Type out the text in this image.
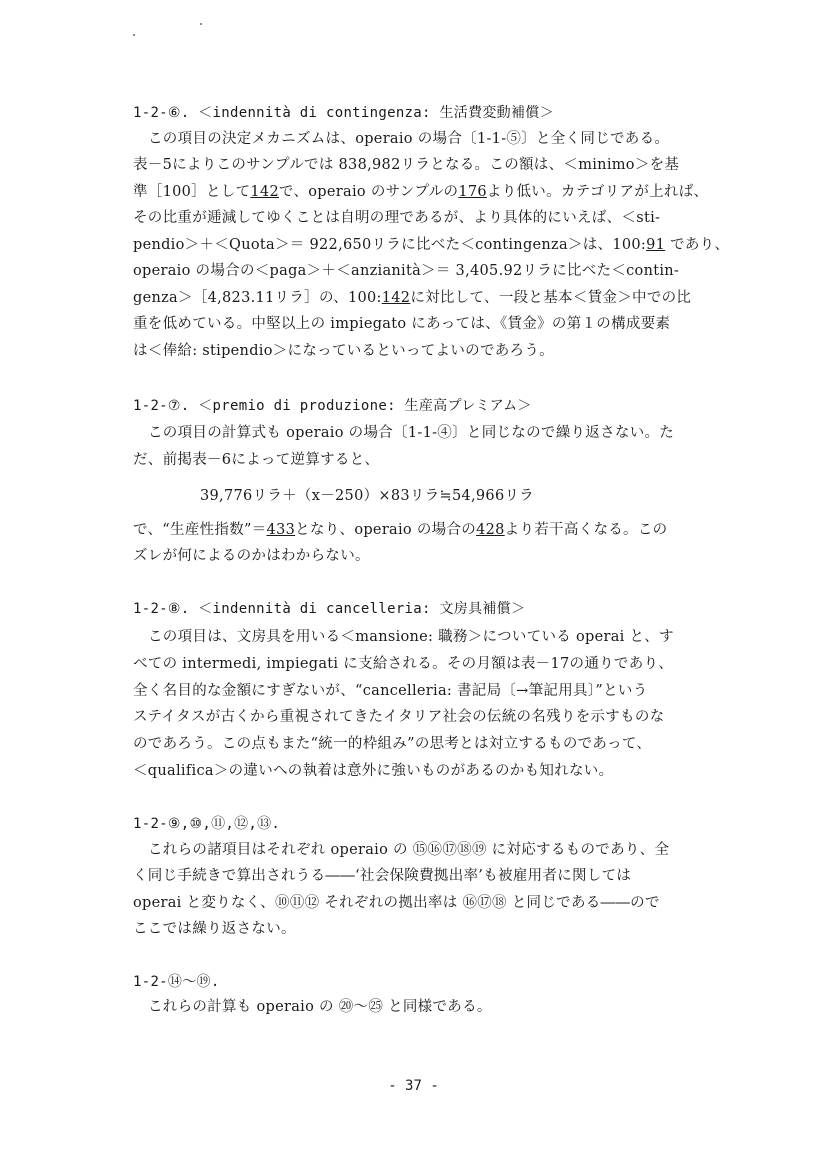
1-2-⑥. ＜indennità di contingenza: 生活費変動補償＞
この項目の決定メカニズムは、operaio の場合〔1-1-⑤〕と全く同じである。
表－5によりこのサンプルでは 838,982リラとなる。この額は、＜minimo＞を基
準［100］として142で、operaio のサンプルの176より低い。カテゴリアが上れば、
その比重が逓減してゆくことは自明の理であるが、より具体的にいえば、＜sti-
pendio＞＋＜Quota＞＝ 922,650リラに比べた＜contingenza＞は、100:91 であり、
operaio の場合の＜paga＞＋＜anzianità＞＝ 3,405.92リラに比べた＜contin-
genza＞［4,823.11リラ］の、100:142に対比して、一段と基本＜賃金＞中での比
重を低めている。中堅以上の impiegato にあっては、《賃金》の第１の構成要素
は＜俸給: stipendio＞になっているといってよいのであろう。
1-2-⑦. ＜premio di produzione: 生産高プレミアム＞
この項目の計算式も operaio の場合〔1-1-④〕と同じなので繰り返さない。た
だ、前掲表－6によって逆算すると、
39,776リラ＋（x－250）×83リラ≒54,966リラ
で、“生産性指数”＝433となり、operaio の場合の428より若干高くなる。この
ズレが何によるのかはわからない。
1-2-⑧. ＜indennità di cancelleria: 文房具補償＞
この項目は、文房具を用いる＜mansione: 職務＞についている operai と、す
べての intermedi, impiegati に支給される。その月額は表－17の通りであり、
全く名目的な金額にすぎないが、“cancelleria: 書記局〔→筆記用具〕”という
ステイタスが古くから重視されてきたイタリア社会の伝統の名残りを示すものな
のであろう。この点もまた“統一的枠組み”の思考とは対立するものであって、
＜qualifica＞の違いへの執着は意外に強いものがあるのかも知れない。
1-2-⑨,⑩,⑪,⑫,⑬.
これらの諸項目はそれぞれ operaio の ⑮⑯⑰⑱⑲ に対応するものであり、全
く同じ手続きで算出されうる――‘社会保険費拠出率’も被雇用者に関しては
operai と変りなく、⑩⑪⑫ それぞれの拠出率は ⑯⑰⑱ と同じである――ので
ここでは繰り返さない。
1-2-⑭～⑲.
これらの計算も operaio の ⑳～㉕ と同様である。
- 37 -
